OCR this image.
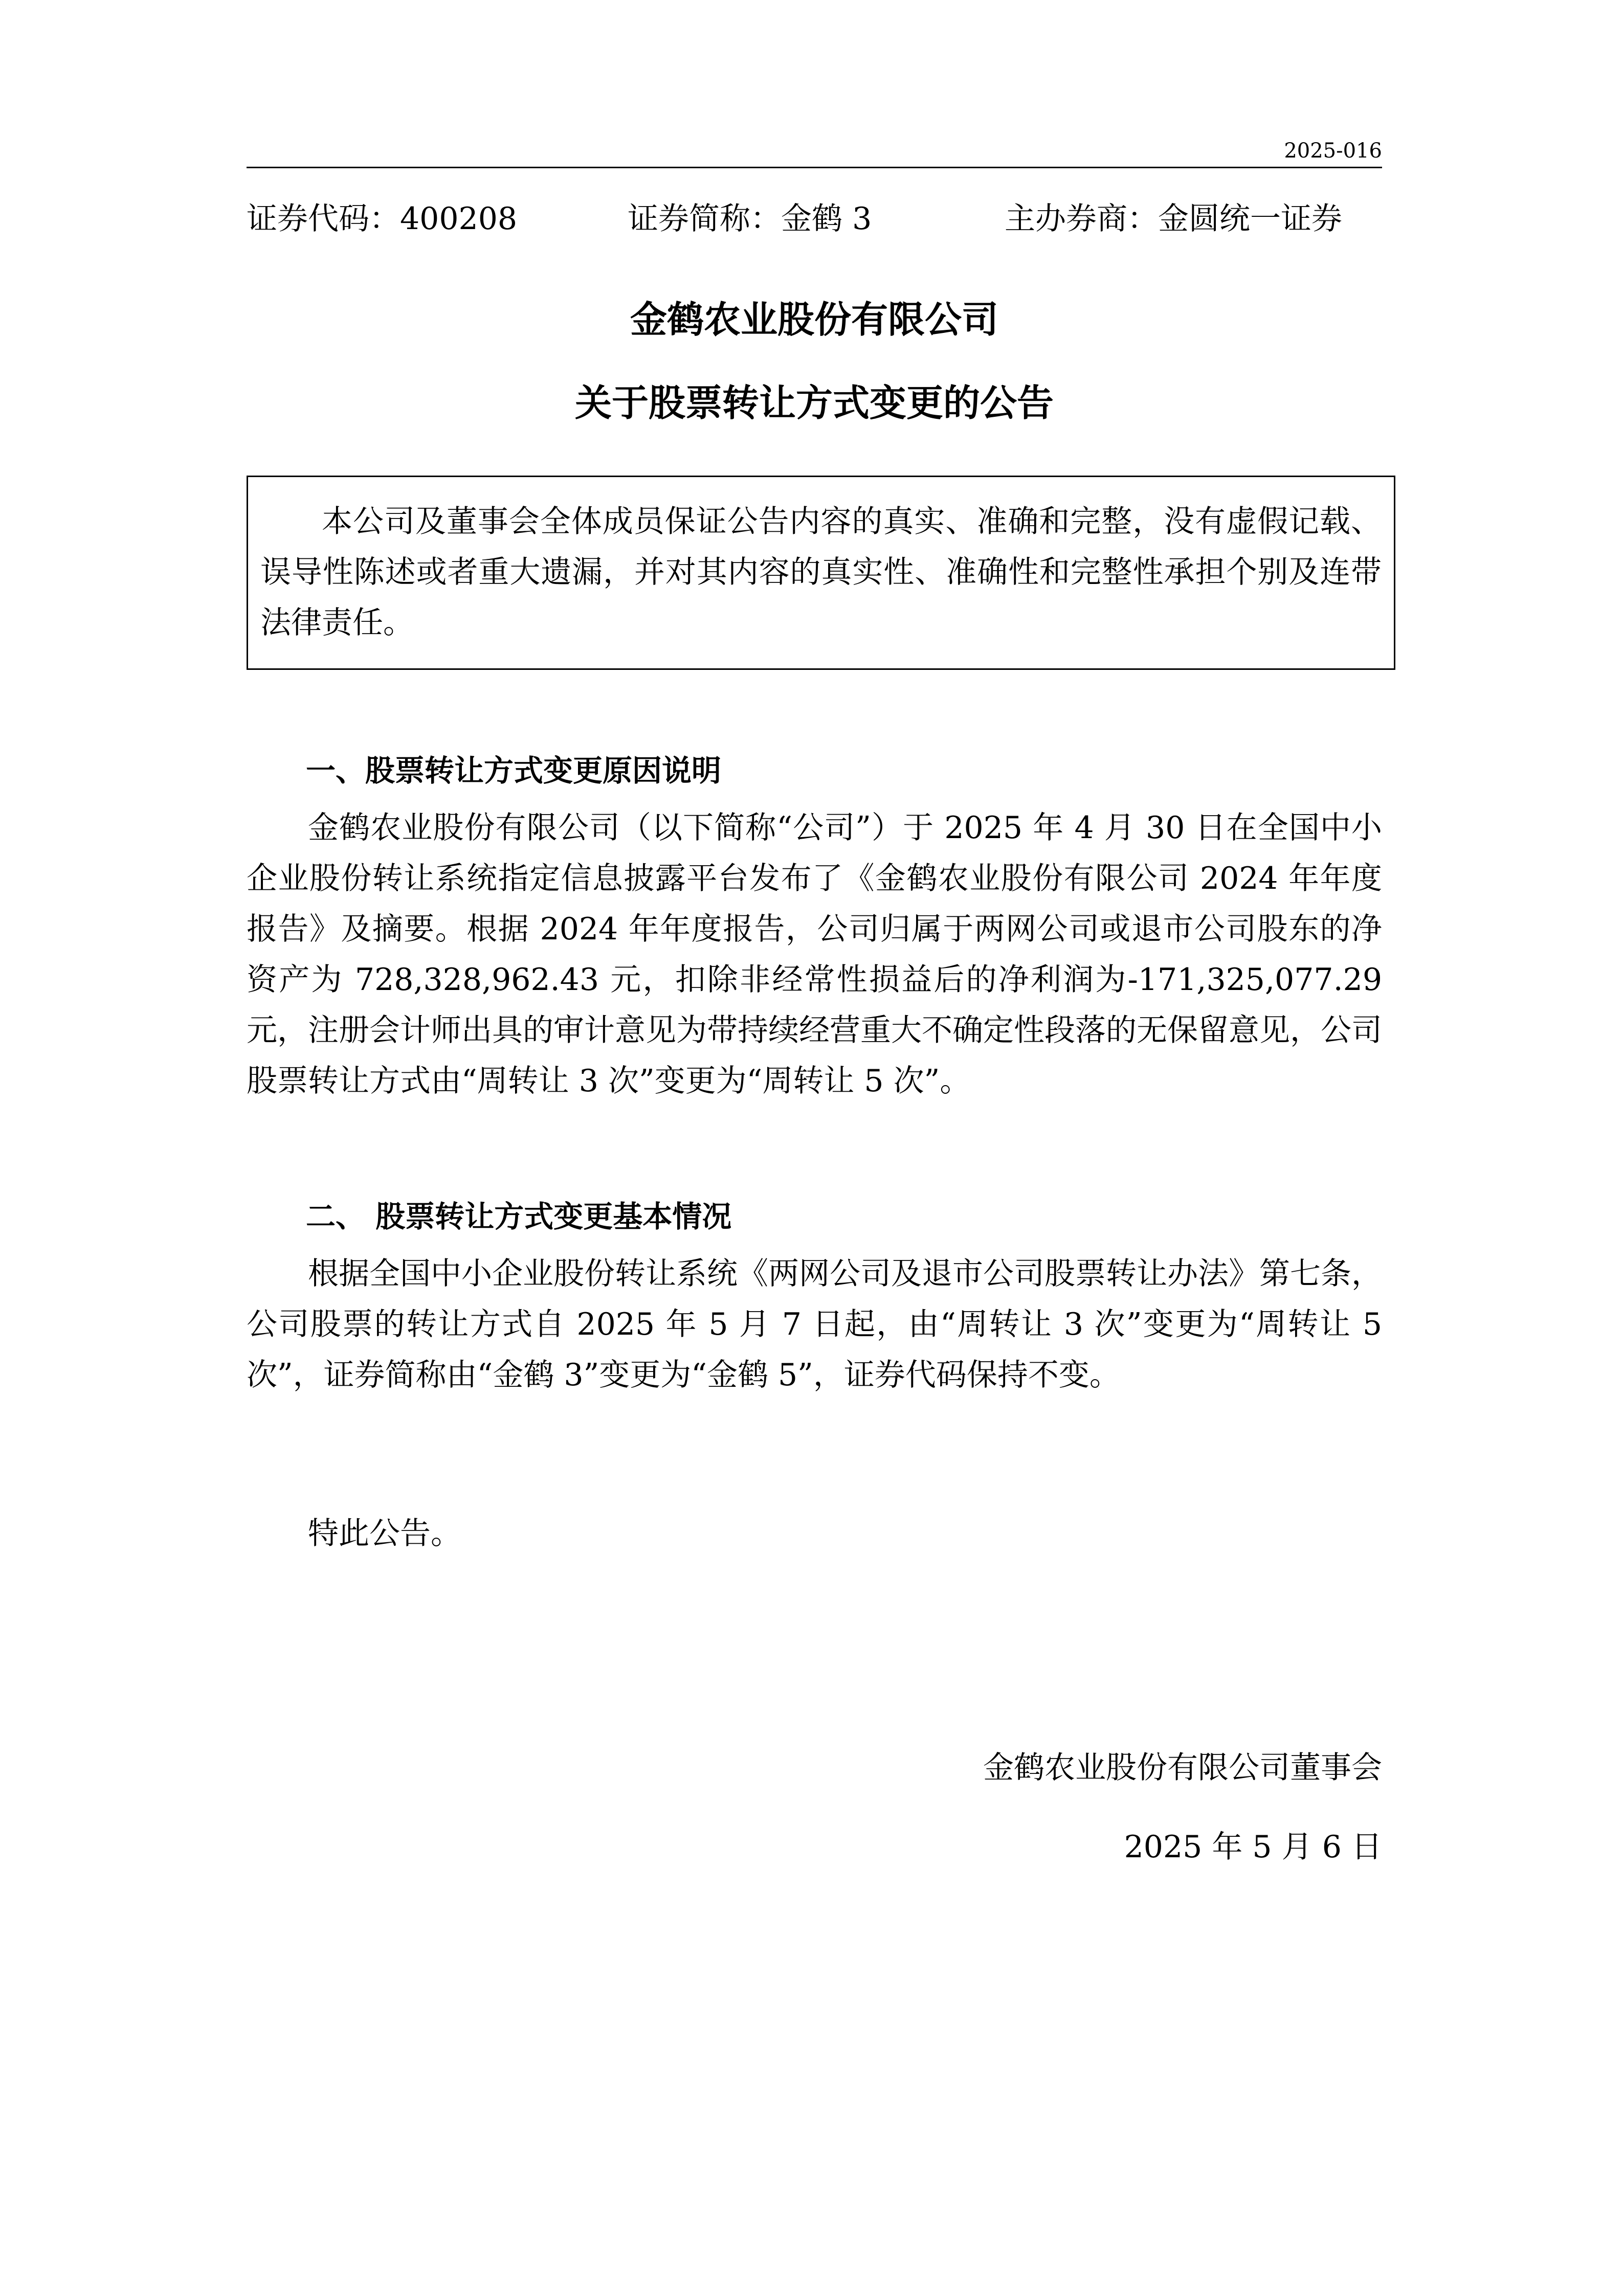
2025-016
证券代码：400208	证券简称：金鹤 3	主办券商：金圆统一证券
金鹤农业股份有限公司
关于股票转让方式变更的公告

本公司及董事会全体成员保证公告内容的真实、准确和完整，没有虚假记载、误导性陈述或者重大遗漏，并对其内容的真实性、准确性和完整性承担个别及连带法律责任。

一、股票转让方式变更原因说明

金鹤农业股份有限公司（以下简称“公司”）于 2025 年 4 月 30 日在全国中小企业股份转让系统指定信息披露平台发布了《金鹤农业股份有限公司 2024 年年度报告》及摘要。根据 2024 年年度报告，公司归属于两网公司或退市公司股东的净资产为 728,328,962.43 元，扣除非经常性损益后的净利润为-171,325,077.29 元，注册会计师出具的审计意见为带持续经营重大不确定性段落的无保留意见，公司股票转让方式由“周转让 3 次”变更为“周转让 5 次”。

二、 股票转让方式变更基本情况

根据全国中小企业股份转让系统《两网公司及退市公司股票转让办法》第七条，公司股票的转让方式自 2025 年 5 月 7 日起，由“周转让 3 次”变更为“周转让 5 次”，证券简称由“金鹤 3”变更为“金鹤 5”，证券代码保持不变。

特此公告。

金鹤农业股份有限公司董事会
2025 年 5 月 6 日
